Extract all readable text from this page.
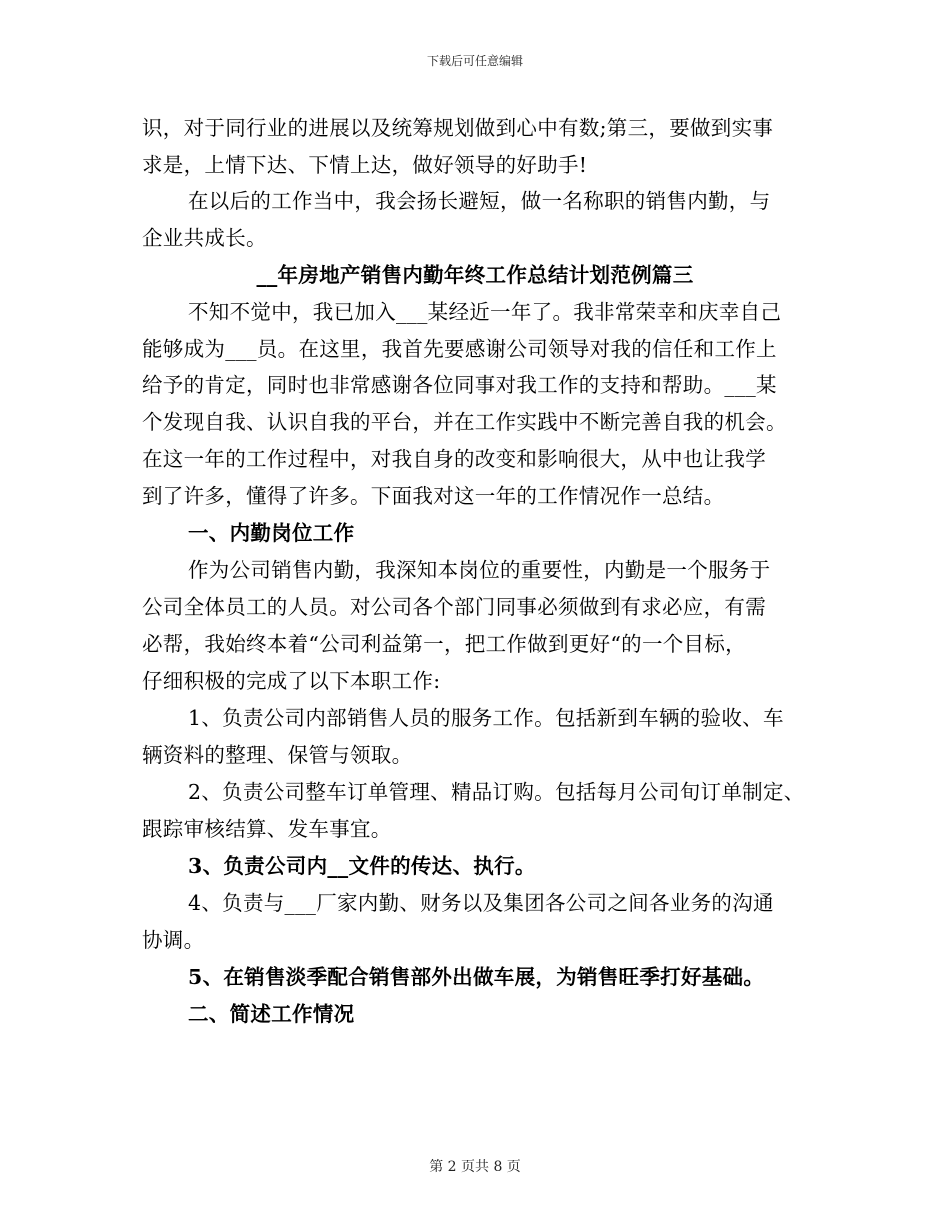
下载后可任意编辑
识，对于同行业的进展以及统筹规划做到心中有数;第三，要做到实事
求是，上情下达、下情上达，做好领导的好助手!
在以后的工作当中，我会扬长避短，做一名称职的销售内勤，与
企业共成长。
__年房地产销售内勤年终工作总结计划范例篇三
不知不觉中，我已加入___某经近一年了。我非常荣幸和庆幸自己
能够成为___员。在这里，我首先要感谢公司领导对我的信任和工作上
给予的肯定，同时也非常感谢各位同事对我工作的支持和帮助。___某
个发现自我、认识自我的平台，并在工作实践中不断完善自我的机会。
在这一年的工作过程中，对我自身的改变和影响很大，从中也让我学
到了许多，懂得了许多。下面我对这一年的工作情况作一总结。
一、内勤岗位工作
作为公司销售内勤，我深知本岗位的重要性，内勤是一个服务于
公司全体员工的人员。对公司各个部门同事必须做到有求必应，有需
必帮，我始终本着“公司利益第一，把工作做到更好“的一个目标，
仔细积极的完成了以下本职工作:
1、负责公司内部销售人员的服务工作。包括新到车辆的验收、车
辆资料的整理、保管与领取。
2、负责公司整车订单管理、精品订购。包括每月公司旬订单制定、
跟踪审核结算、发车事宜。
3、负责公司内__文件的传达、执行。
4、负责与___厂家内勤、财务以及集团各公司之间各业务的沟通
协调。
5、在销售淡季配合销售部外出做车展，为销售旺季打好基础。
二、简述工作情况
第 2 页共 8 页
